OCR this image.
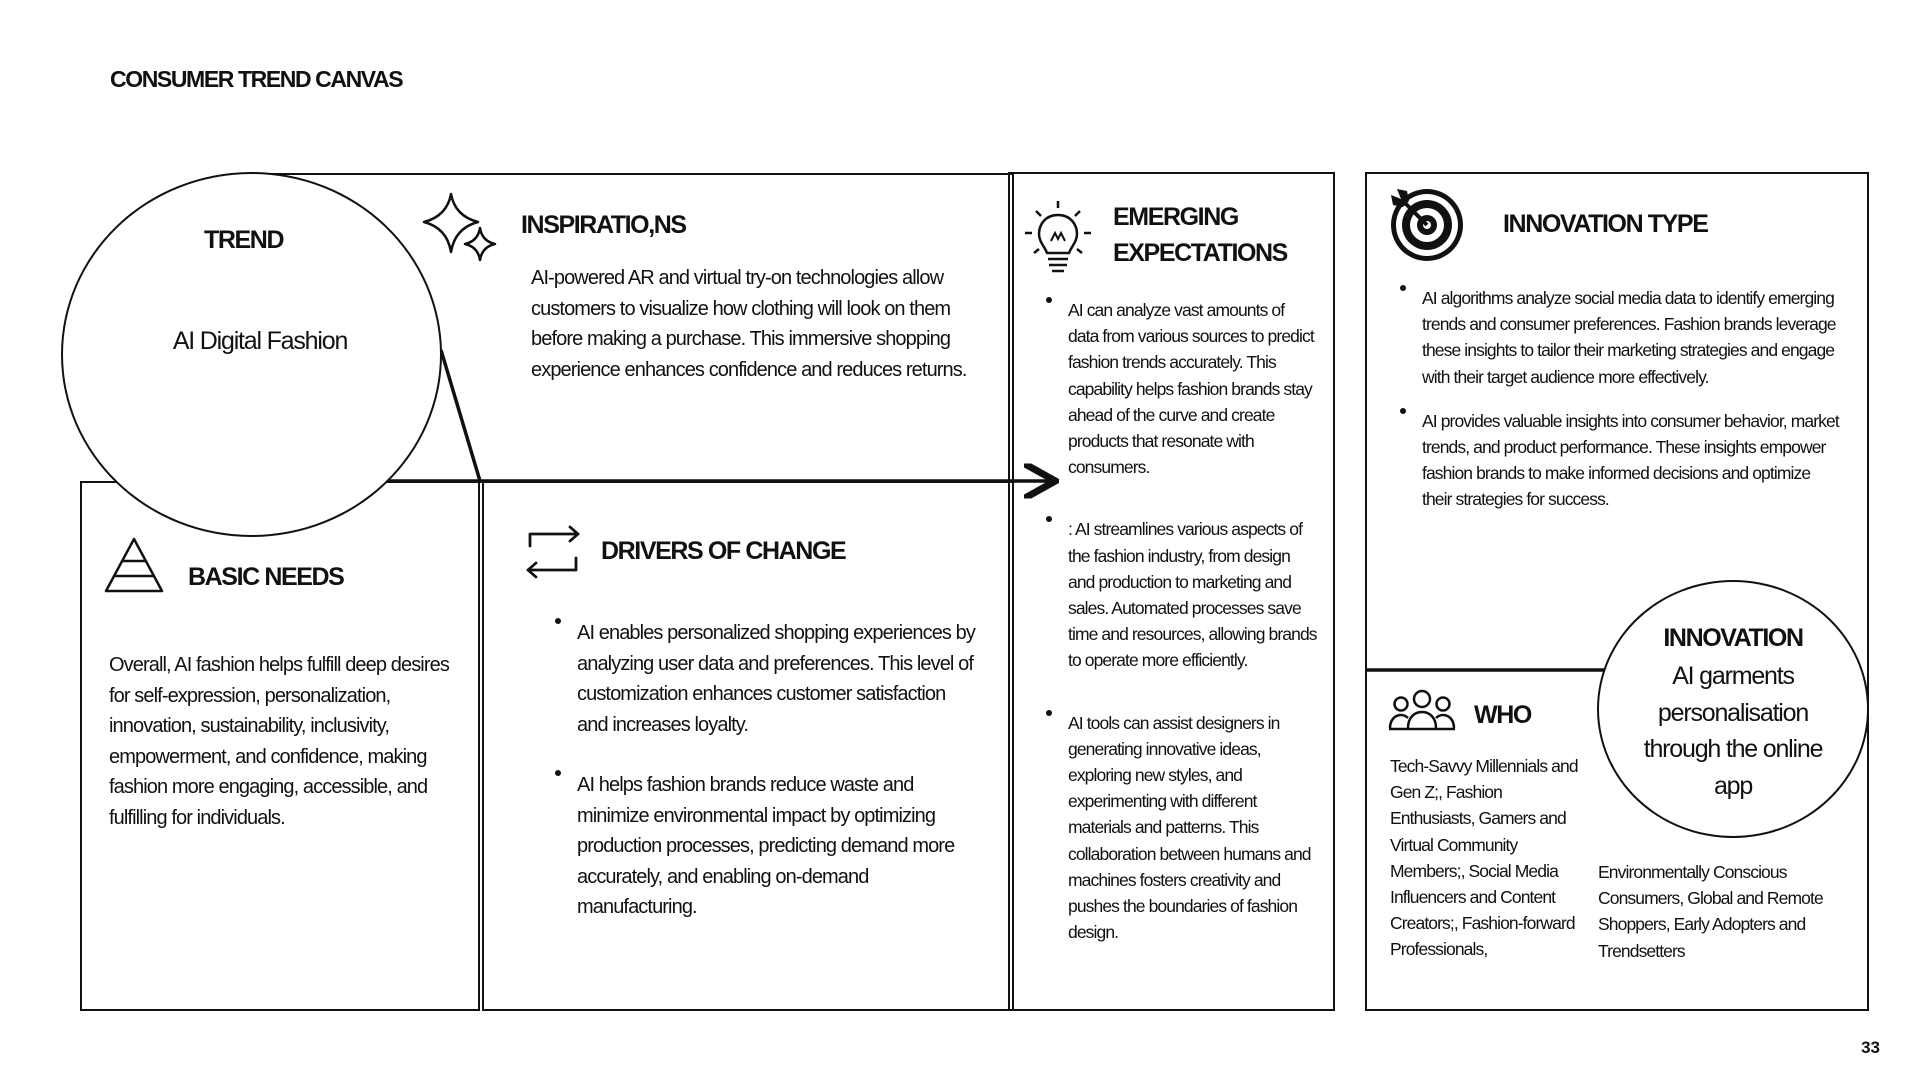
CONSUMER TREND CANVAS
TREND
AI Digital Fashion
INSPIRATIO,NS
AI-powered AR and virtual try-on technologies allow customers to visualize how clothing will look on them before making a purchase. This immersive shopping experience enhances confidence and reduces returns.
BASIC NEEDS
Overall, AI fashion helps fulfill deep desires for self-expression, personalization, innovation, sustainability, inclusivity, empowerment, and confidence, making fashion more engaging, accessible, and fulfilling for individuals.
DRIVERS OF CHANGE
AI enables personalized shopping experiences by analyzing user data and preferences. This level of customization enhances customer satisfaction and increases loyalty.
AI helps fashion brands reduce waste and minimize environmental impact by optimizing production processes, predicting demand more accurately, and enabling on-demand manufacturing.
EMERGING
EXPECTATIONS
AI can analyze vast amounts of data from various sources to predict fashion trends accurately. This capability helps fashion brands stay ahead of the curve and create products that resonate with consumers.
: AI streamlines various aspects of the fashion industry, from design and production to marketing and sales. Automated processes save time and resources, allowing brands to operate more efficiently.
AI tools can assist designers in generating innovative ideas, exploring new styles, and experimenting with different materials and patterns. This collaboration between humans and machines fosters creativity and pushes the boundaries of fashion design.
INNOVATION TYPE
AI algorithms analyze social media data to identify emerging trends and consumer preferences. Fashion brands leverage these insights to tailor their marketing strategies and engage with their target audience more effectively.
AI provides valuable insights into consumer behavior, market trends, and product performance. These insights empower fashion brands to make informed decisions and optimize their strategies for success.
WHO
Tech-Savvy Millennials and Gen Z;, Fashion Enthusiasts, Gamers and Virtual Community Members;, Social Media Influencers and Content Creators;, Fashion-forward Professionals,
Environmentally Conscious Consumers, Global and Remote Shoppers, Early Adopters and Trendsetters
INNOVATION
AI garments personalisation through the online app
33
